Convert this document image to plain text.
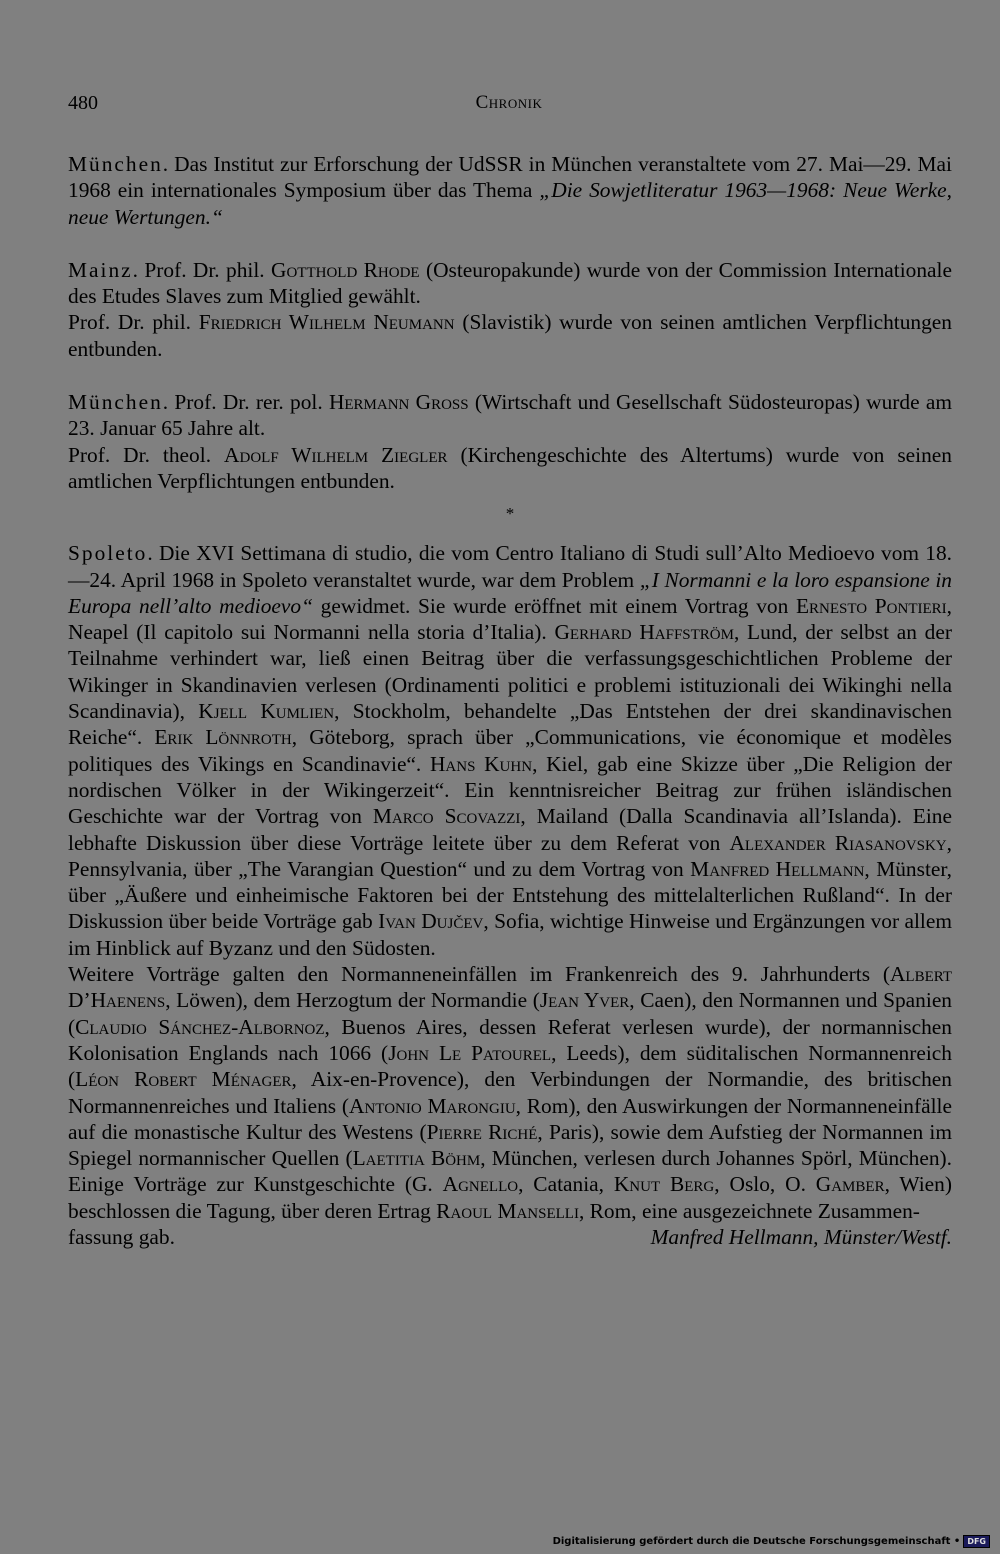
480	Chronik

München. Das Institut zur Erforschung der UdSSR in München veranstaltete vom 27. Mai—29. Mai 1968 ein internationales Symposium über das Thema „Die Sowjetliteratur 1963—1968: Neue Werke, neue Wertungen.“

Mainz. Prof. Dr. phil. Gotthold Rhode (Osteuropakunde) wurde von der Commission Internationale des Etudes Slaves zum Mitglied gewählt.
Prof. Dr. phil. Friedrich Wilhelm Neumann (Slavistik) wurde von seinen amtlichen Verpflichtungen entbunden.

München. Prof. Dr. rer. pol. Hermann Gross (Wirtschaft und Gesellschaft Südosteuropas) wurde am 23. Januar 65 Jahre alt.
Prof. Dr. theol. Adolf Wilhelm Ziegler (Kirchengeschichte des Altertums) wurde von seinen amtlichen Verpflichtungen entbunden.

*

Spoleto. Die XVI Settimana di studio, die vom Centro Italiano di Studi sull’Alto Medioevo vom 18.—24. April 1968 in Spoleto veranstaltet wurde, war dem Problem „I Normanni e la loro espansione in Europa nell’alto medioevo“ gewidmet. Sie wurde eröffnet mit einem Vortrag von Ernesto Pontieri, Neapel (Il capitolo sui Normanni nella storia d’Italia). Gerhard Haffström, Lund, der selbst an der Teilnahme verhindert war, ließ einen Beitrag über die verfassungsgeschichtlichen Probleme der Wikinger in Skandinavien verlesen (Ordinamenti politici e problemi istituzionali dei Wikinghi nella Scandinavia), Kjell Kumlien, Stockholm, behandelte „Das Entstehen der drei skandinavischen Reiche“. Erik Lönnroth, Göteborg, sprach über „Communications, vie économique et modèles politiques des Vikings en Scandinavie“. Hans Kuhn, Kiel, gab eine Skizze über „Die Religion der nordischen Völker in der Wikingerzeit“. Ein kenntnisreicher Beitrag zur frühen isländischen Geschichte war der Vortrag von Marco Scovazzi, Mailand (Dalla Scandinavia all’Islanda). Eine lebhafte Diskussion über diese Vorträge leitete über zu dem Referat von Alexander Riasanovsky, Pennsylvania, über „The Varangian Question“ und zu dem Vortrag von Manfred Hellmann, Münster, über „Äußere und einheimische Faktoren bei der Entstehung des mittelalterlichen Rußland“. In der Diskussion über beide Vorträge gab Ivan Dujčev, Sofia, wichtige Hinweise und Ergänzungen vor allem im Hinblick auf Byzanz und den Südosten.

Weitere Vorträge galten den Normanneneinfällen im Frankenreich des 9. Jahrhunderts (Albert D’Haenens, Löwen), dem Herzogtum der Normandie (Jean Yver, Caen), den Normannen und Spanien (Claudio Sánchez-Albornoz, Buenos Aires, dessen Referat verlesen wurde), der normannischen Kolonisation Englands nach 1066 (John Le Patourel, Leeds), dem süditalischen Normannenreich (Léon Robert Ménager, Aix-en-Provence), den Verbindungen der Normandie, des britischen Normannenreiches und Italiens (Antonio Marongiu, Rom), den Auswirkungen der Normanneneinfälle auf die monastische Kultur des Westens (Pierre Riché, Paris), sowie dem Aufstieg der Normannen im Spiegel normannischer Quellen (Laetitia Böhm, München, verlesen durch Johannes Spörl, München). Einige Vorträge zur Kunstgeschichte (G. Agnello, Catania, Knut Berg, Oslo, O. Gamber, Wien) beschlossen die Tagung, über deren Ertrag Raoul Manselli, Rom, eine ausgezeichnete Zusammen-

fassung gab.	Manfred Hellmann, Münster/Westf.
Digitalisierung gefördert durch die Deutsche Forschungsgemeinschaft • DFG
